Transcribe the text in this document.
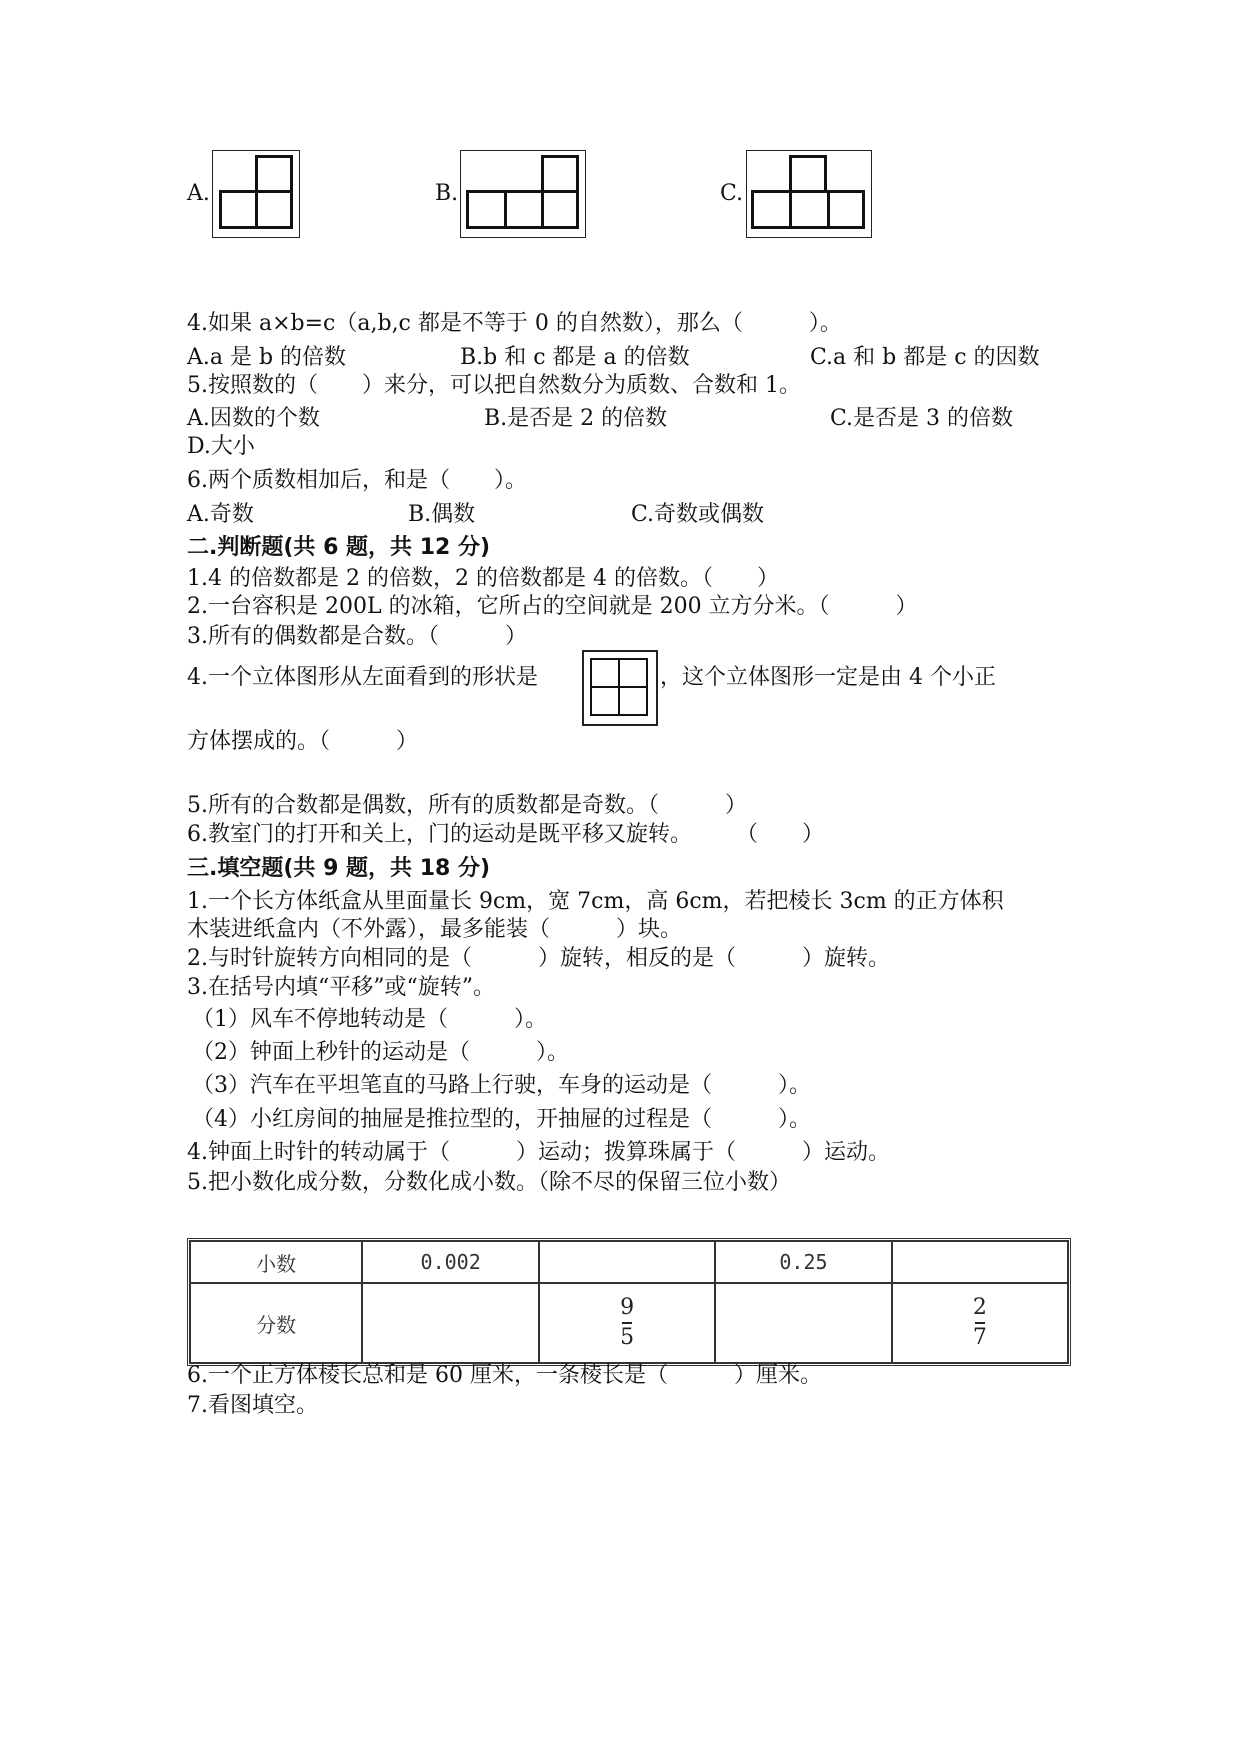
A.	B.	C.
4.如果 a×b=c（a,b,c 都是不等于 0 的自然数），那么（　　　）。
A.a 是 b 的倍数	B.b 和 c 都是 a 的倍数	C.a 和 b 都是 c 的因数
5.按照数的（　　）来分，可以把自然数分为质数、合数和 1。
A.因数的个数	B.是否是 2 的倍数	C.是否是 3 的倍数
D.大小
6.两个质数相加后，和是（　　）。
A.奇数	B.偶数	C.奇数或偶数
二.判断题(共 6 题，共 12 分)
1.4 的倍数都是 2 的倍数，2 的倍数都是 4 的倍数。（　　）
2.一台容积是 200L 的冰箱，它所占的空间就是 200 立方分米。（　　　）
3.所有的偶数都是合数。（　　　）
4.一个立体图形从左面看到的形状是	，这个立体图形一定是由 4 个小正
方体摆成的。（　　　）
5.所有的合数都是偶数，所有的质数都是奇数。（　　　）
6.教室门的打开和关上，门的运动是既平移又旋转。　　　（　　）
三.填空题(共 9 题，共 18 分)
1.一个长方体纸盒从里面量长 9cm，宽 7cm，高 6cm，若把棱长 3cm 的正方体积
木装进纸盒内（不外露），最多能装（　　　）块。
2.与时针旋转方向相同的是（　　　）旋转，相反的是（　　　）旋转。
3.在括号内填“平移”或“旋转”。
（1）风车不停地转动是（　　　）。
（2）钟面上秒针的运动是（　　　）。
（3）汽车在平坦笔直的马路上行驶，车身的运动是（　　　）。
（4）小红房间的抽屉是推拉型的，开抽屉的过程是（　　　）。
4.钟面上时针的转动属于（　　　）运动；拨算珠属于（　　　）运动。
5.把小数化成分数，分数化成小数。（除不尽的保留三位小数）
小数	0.002		0.25	
分数		$\frac{9}{5}$		$\frac{2}{7}$
6.一个正方体棱长总和是 60 厘米，一条棱长是（　　　）厘米。
7.看图填空。
